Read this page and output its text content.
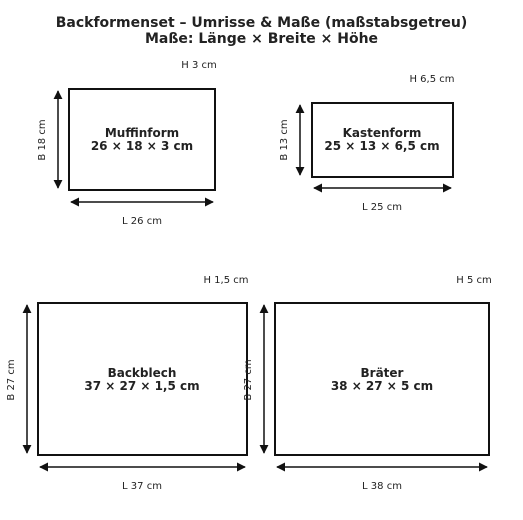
Backformenset – Umrisse & Maße (maßstabsgetreu)
Maße: Länge × Breite × Höhe
Muffinform
26 × 18 × 3 cm
L 26 cm
B 18 cm
H 3 cm
Kastenform
25 × 13 × 6,5 cm
L 25 cm
B 13 cm
H 6,5 cm
Backblech
37 × 27 × 1,5 cm
L 37 cm
B 27 cm
H 1,5 cm
Bräter
38 × 27 × 5 cm
L 38 cm
B 27 cm
H 5 cm
